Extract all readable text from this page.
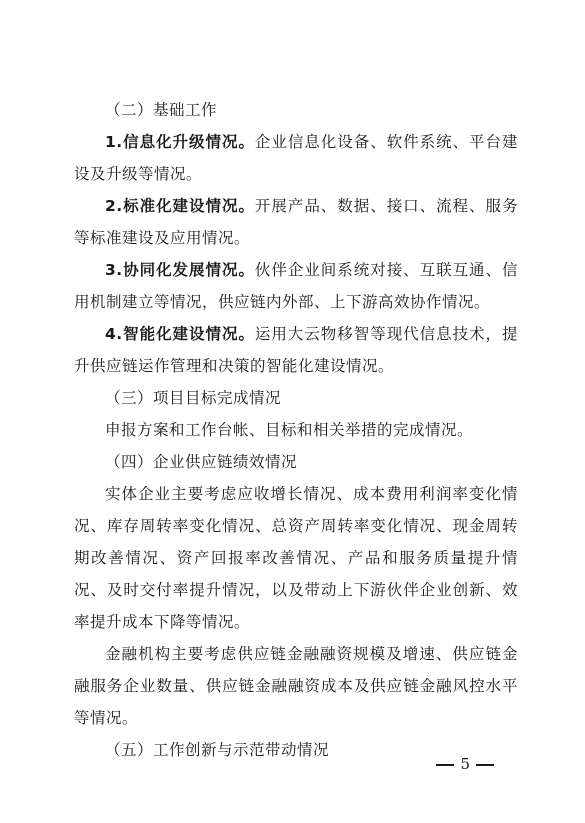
（二）基础工作

1.信息化升级情况。企业信息化设备、软件系统、平台建设及升级等情况。

2.标准化建设情况。开展产品、数据、接口、流程、服务等标准建设及应用情况。

3.协同化发展情况。伙伴企业间系统对接、互联互通、信用机制建立等情况，供应链内外部、上下游高效协作情况。

4.智能化建设情况。运用大云物移智等现代信息技术，提升供应链运作管理和决策的智能化建设情况。

（三）项目目标完成情况

申报方案和工作台帐、目标和相关举措的完成情况。

（四）企业供应链绩效情况

实体企业主要考虑应收增长情况、成本费用利润率变化情况、库存周转率变化情况、总资产周转率变化情况、现金周转期改善情况、资产回报率改善情况、产品和服务质量提升情况、及时交付率提升情况，以及带动上下游伙伴企业创新、效率提升成本下降等情况。

金融机构主要考虑供应链金融融资规模及增速、供应链金融服务企业数量、供应链金融融资成本及供应链金融风控水平等情况。

（五）工作创新与示范带动情况

5
